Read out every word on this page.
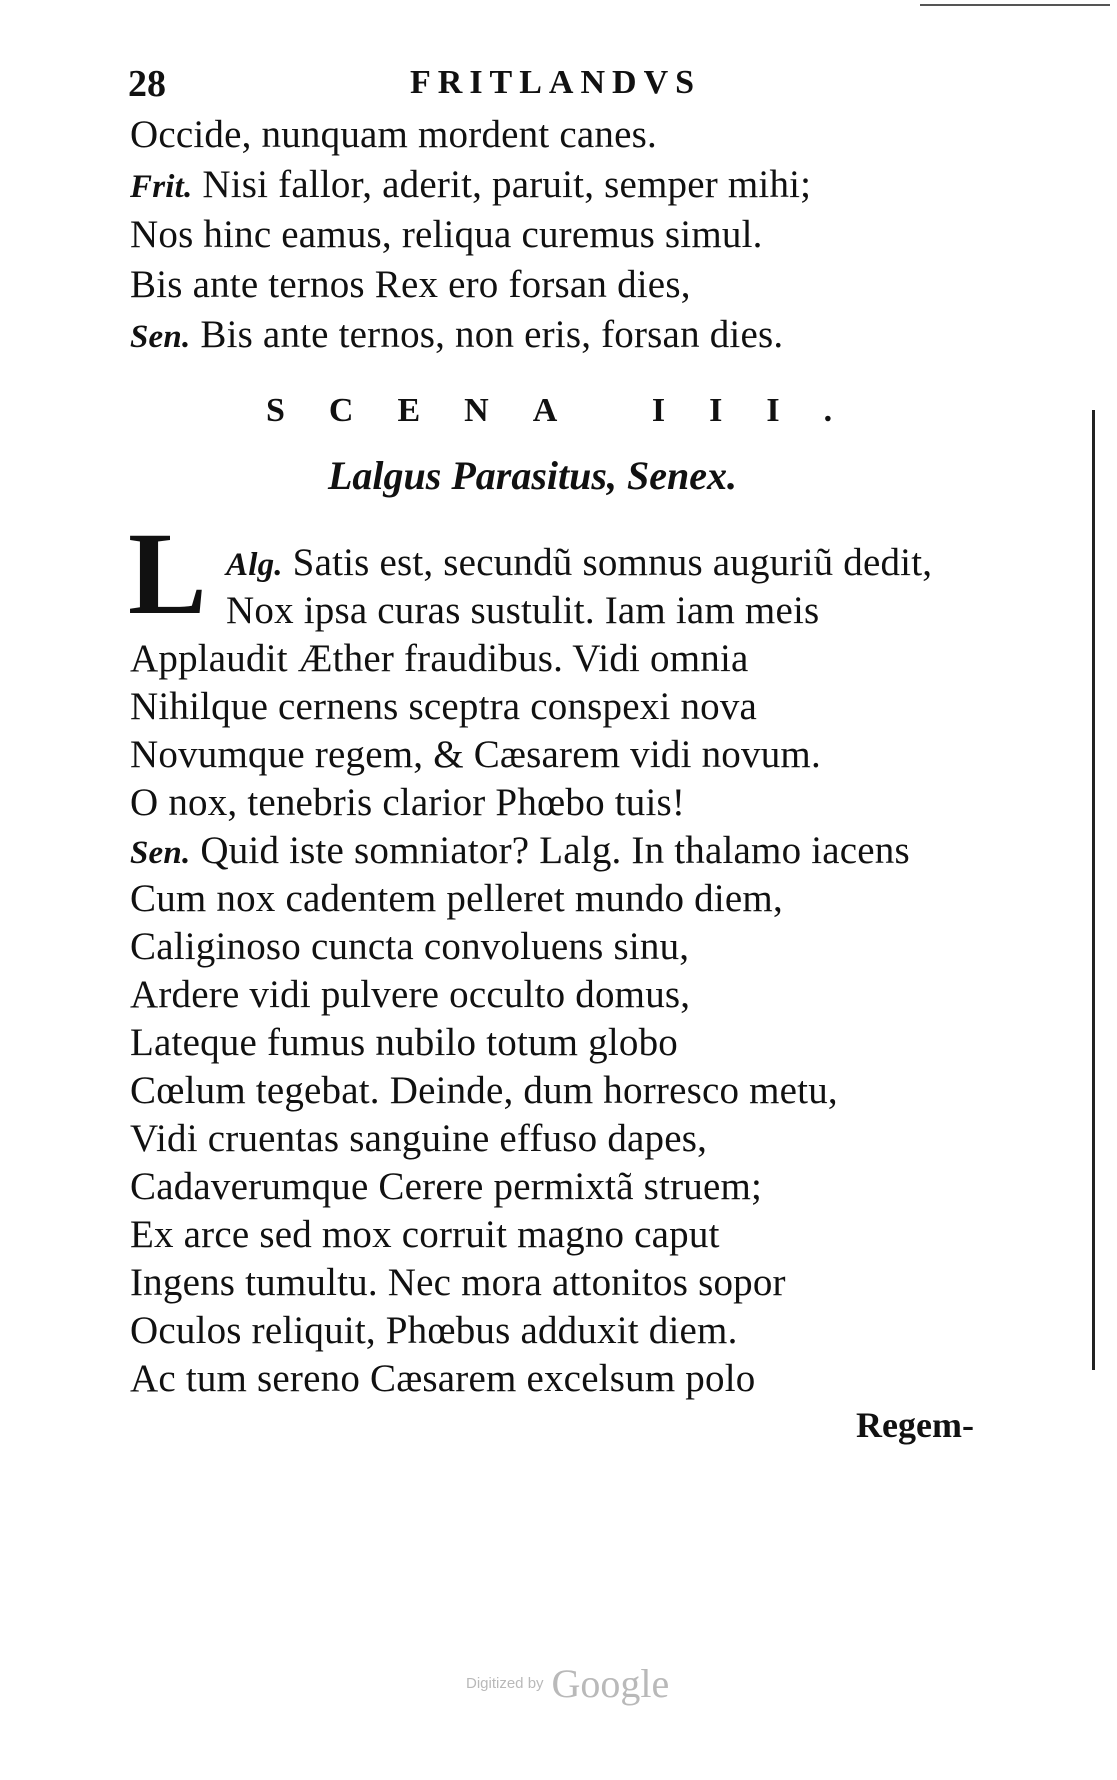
28	FRITLANDVS
Occide, nunquam mordent canes.
Frit. Nisi fallor, aderit, paruit, semper mihi;
Nos hinc eamus, reliqua curemus simul.
Bis ante ternos Rex ero forsan dies,
Sen. Bis ante ternos, non eris, forsan dies.
SCENA III.
Lalgus Parasitus, Senex.
L Alg. Satis est, secundũ somnus auguriũ dedit,
Nox ipsa curas sustulit. Iam iam meis
Applaudit Æther fraudibus. Vidi omnia
Nihilque cernens sceptra conspexi nova
Novumque regem, & Cæsarem vidi novum.
O nox, tenebris clarior Phœbo tuis!
Sen. Quid iste somniator? Lalg. In thalamo iacens
Cum nox cadentem pelleret mundo diem,
Caliginoso cuncta convoluens sinu,
Ardere vidi pulvere occulto domus,
Lateque fumus nubilo totum globo
Cœlum tegebat. Deinde, dum horresco metu,
Vidi cruentas sanguine effuso dapes,
Cadaverumque Cerere permixtã struem;
Ex arce sed mox corruit magno caput
Ingens tumultu. Nec mora attonitos sopor
Oculos reliquit, Phœbus adduxit diem.
Ac tum sereno Cæsarem excelsum polo
Regem-
Digitized by Google
